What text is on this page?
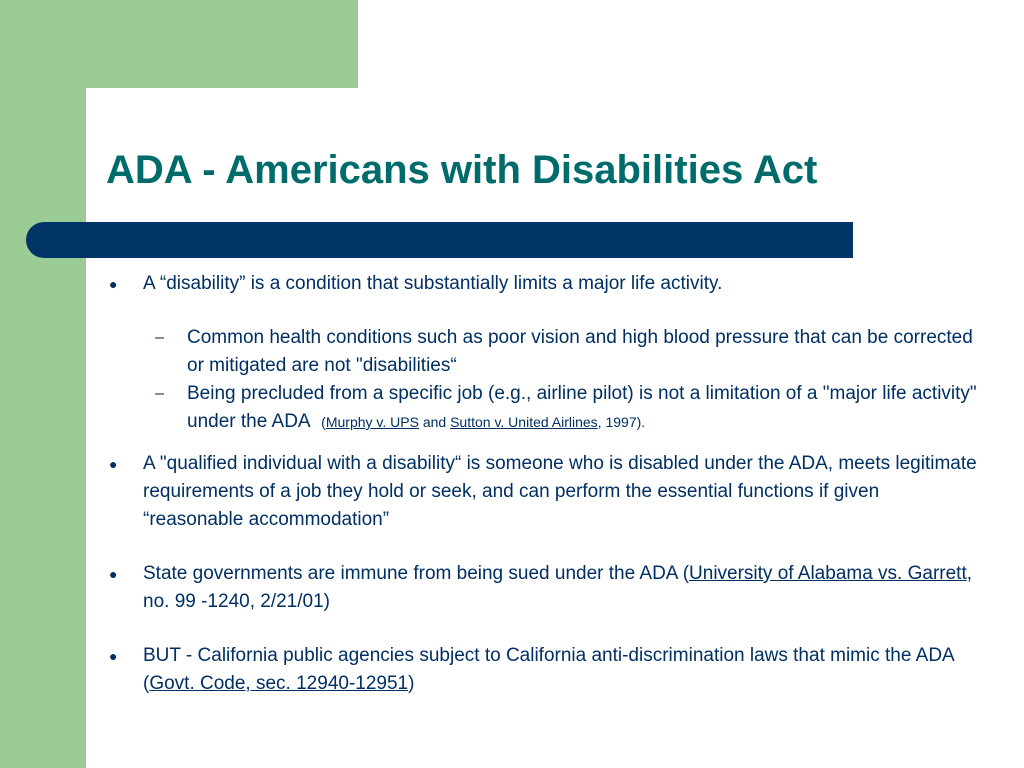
ADA - Americans with Disabilities Act
● A “disability” is a condition that substantially limits a major life activity.
– Common health conditions such as poor vision and high blood pressure that can be corrected or mitigated are not "disabilities“
– Being precluded from a specific job (e.g., airline pilot) is not a limitation of a "major life activity" under the ADA (Murphy v. UPS and Sutton v. United Airlines, 1997).
● A "qualified individual with a disability“ is someone who is disabled under the ADA, meets legitimate requirements of a job they hold or seek, and can perform the essential functions if given “reasonable accommodation”
● State governments are immune from being sued under the ADA (University of Alabama vs. Garrett, no. 99 -1240, 2/21/01)
● BUT - California public agencies subject to California anti-discrimination laws that mimic the ADA (Govt. Code, sec. 12940-12951)
